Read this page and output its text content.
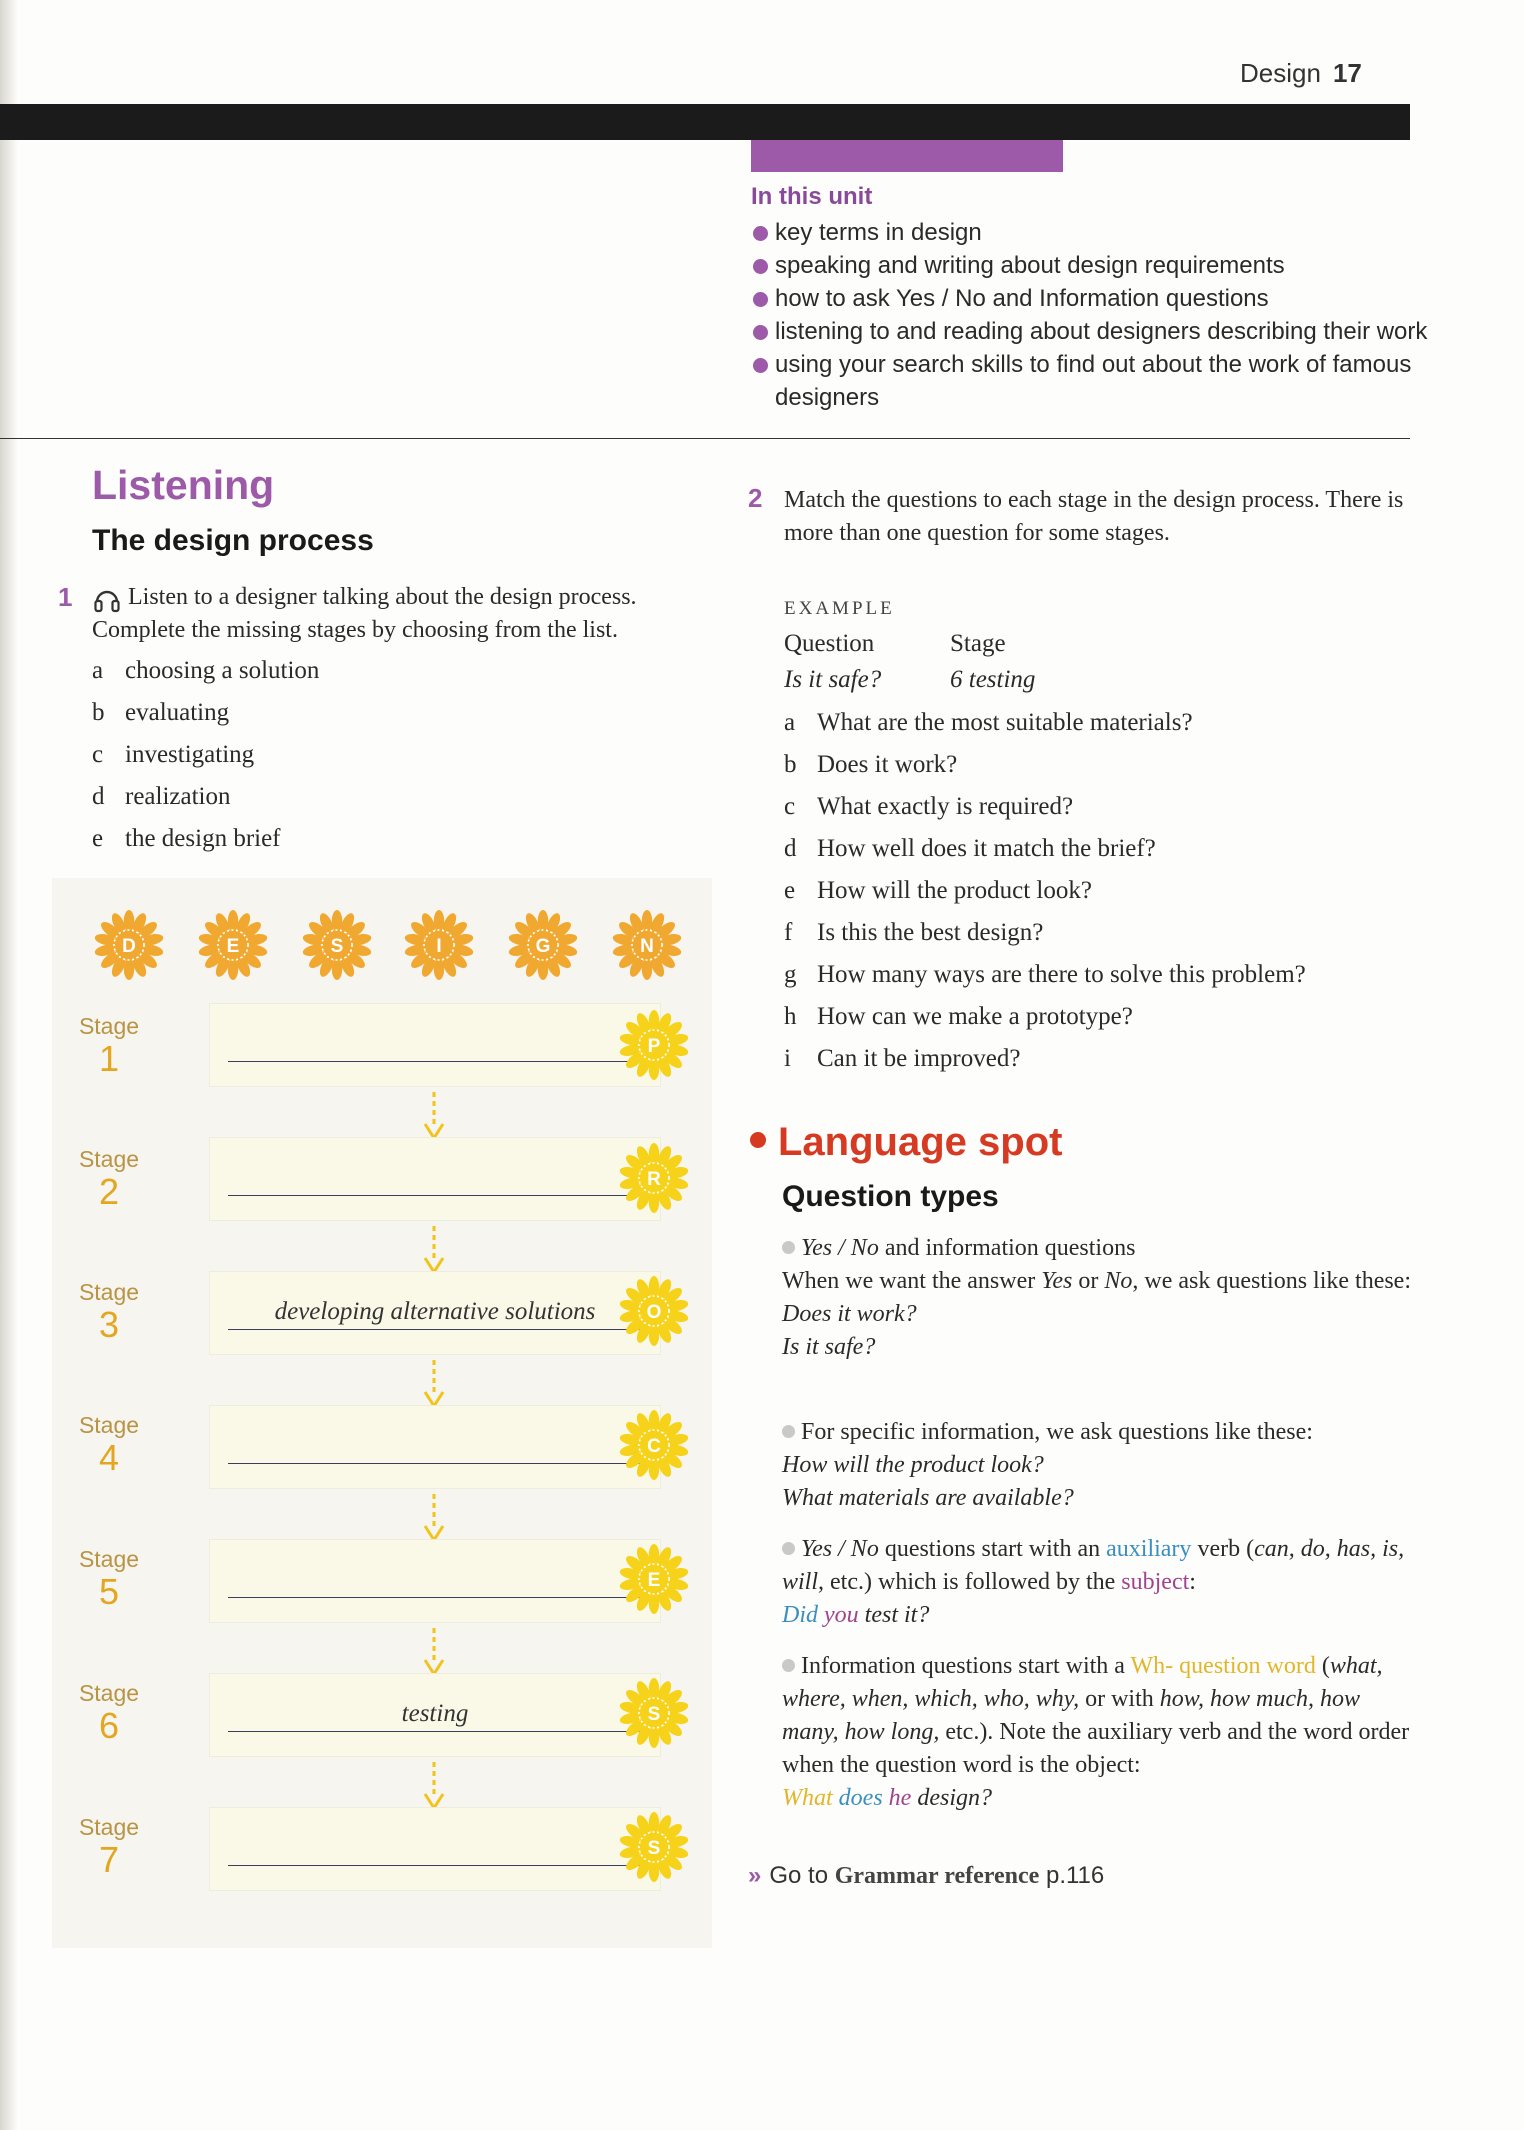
Design 17
In this unit
key terms in design
speaking and writing about design requirements
how to ask Yes / No and Information questions
listening to and reading about designers describing their work
using your search skills to find out about the work of famous designers
Listening
The design process
1	Listen to a designer talking about the design process. Complete the missing stages by choosing from the list.
a choosing a solution
b evaluating
c investigating
d realization
e the design brief
D	E	S	I	G	N
Stage
1	P
Stage
2	R
Stage
3	developing alternative solutions	O
Stage
4	C
Stage
5	E
Stage
6	testing	S
Stage
7	S
2 Match the questions to each stage in the design process. There is more than one question for some stages.
EXAMPLE
Question	Stage
Is it safe?	6 testing
a What are the most suitable materials?
b Does it work?
c What exactly is required?
d How well does it match the brief?
e How will the product look?
f Is this the best design?
g How many ways are there to solve this problem?
h How can we make a prototype?
i Can it be improved?
Language spot
Question types
Yes / No and information questions
When we want the answer Yes or No, we ask questions like these:
Does it work?
Is it safe?
For specific information, we ask questions like these:
How will the product look?
What materials are available?
Yes / No questions start with an auxiliary verb (can, do, has, is, will, etc.) which is followed by the subject:
Did you test it?
Information questions start with a Wh- question word (what, where, when, which, who, why, or with how, how much, how many, how long, etc.). Note the auxiliary verb and the word order when the question word is the object:
What does he design?
» Go to Grammar reference p.116
